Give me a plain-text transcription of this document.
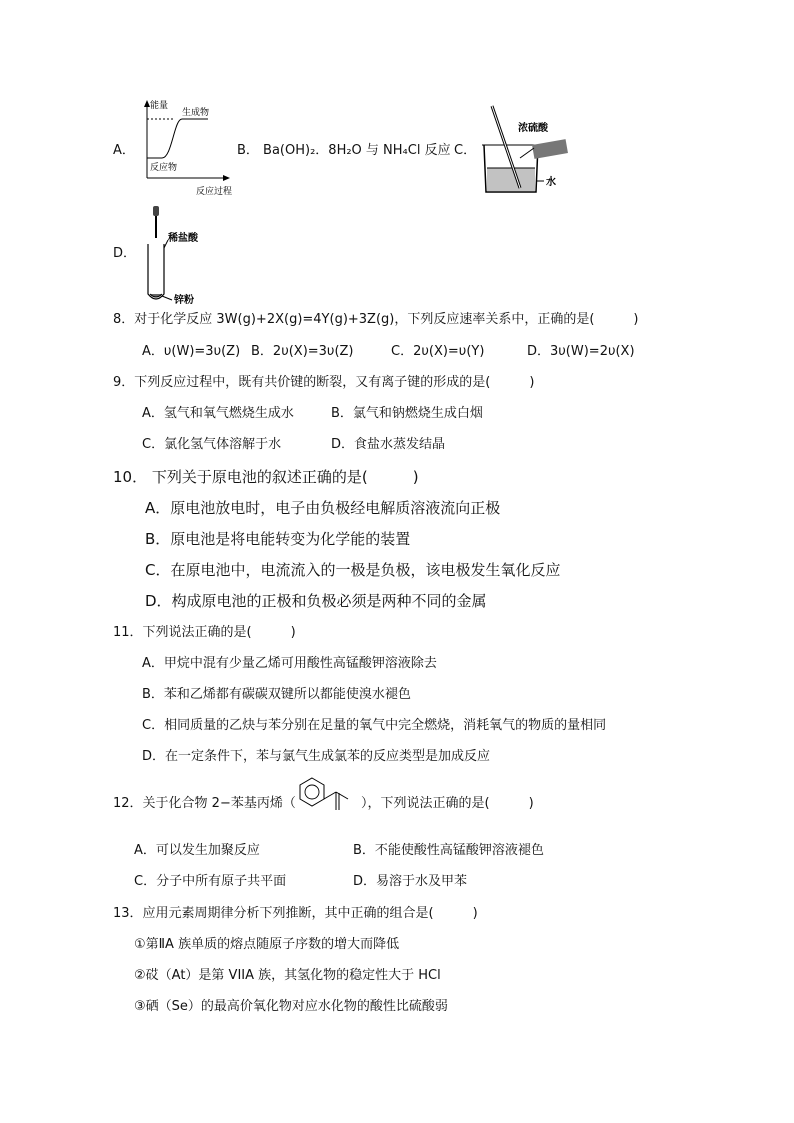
A．
能量
生成物
反应物
反应过程
B． Ba(OH)₂．8H₂O 与 NH₄Cl 反应 C．
浓硫酸
水
D．
稀盐酸
锌粉
8．对于化学反应 3W(g)+2X(g)=4Y(g)+3Z(g)，下列反应速率关系中，正确的是(　　　)
A．υ(W)=3υ(Z) B．2υ(X)=3υ(Z)	C．2υ(X)=υ(Y)	D．3υ(W)=2υ(X)
9．下列反应过程中，既有共价键的断裂，又有离子键的形成的是(　　　)
A．氢气和氧气燃烧生成水	B．氯气和钠燃烧生成白烟
C．氯化氢气体溶解于水	D．食盐水蒸发结晶
10． 下列关于原电池的叙述正确的是(　　　)
A．原电池放电时，电子由负极经电解质溶液流向正极
B．原电池是将电能转变为化学能的装置
C．在原电池中，电流流入的一极是负极，该电极发生氧化反应
D．构成原电池的正极和负极必须是两种不同的金属
11．下列说法正确的是(　　　)
A．甲烷中混有少量乙烯可用酸性高锰酸钾溶液除去
B．苯和乙烯都有碳碳双键所以都能使溴水褪色
C．相同质量的乙炔与苯分别在足量的氧气中完全燃烧，消耗氧气的物质的量相同
D．在一定条件下，苯与氯气生成氯苯的反应类型是加成反应
12．关于化合物 2−苯基丙烯（	），下列说法正确的是(　　　)
A．可以发生加聚反应	B．不能使酸性高锰酸钾溶液褪色
C．分子中所有原子共平面	D．易溶于水及甲苯
13．应用元素周期律分析下列推断，其中正确的组合是(　　　)
①第ⅡA 族单质的熔点随原子序数的增大而降低
②砹（At）是第 VIIA 族，其氢化物的稳定性大于 HCl
③硒（Se）的最高价氧化物对应水化物的酸性比硫酸弱
